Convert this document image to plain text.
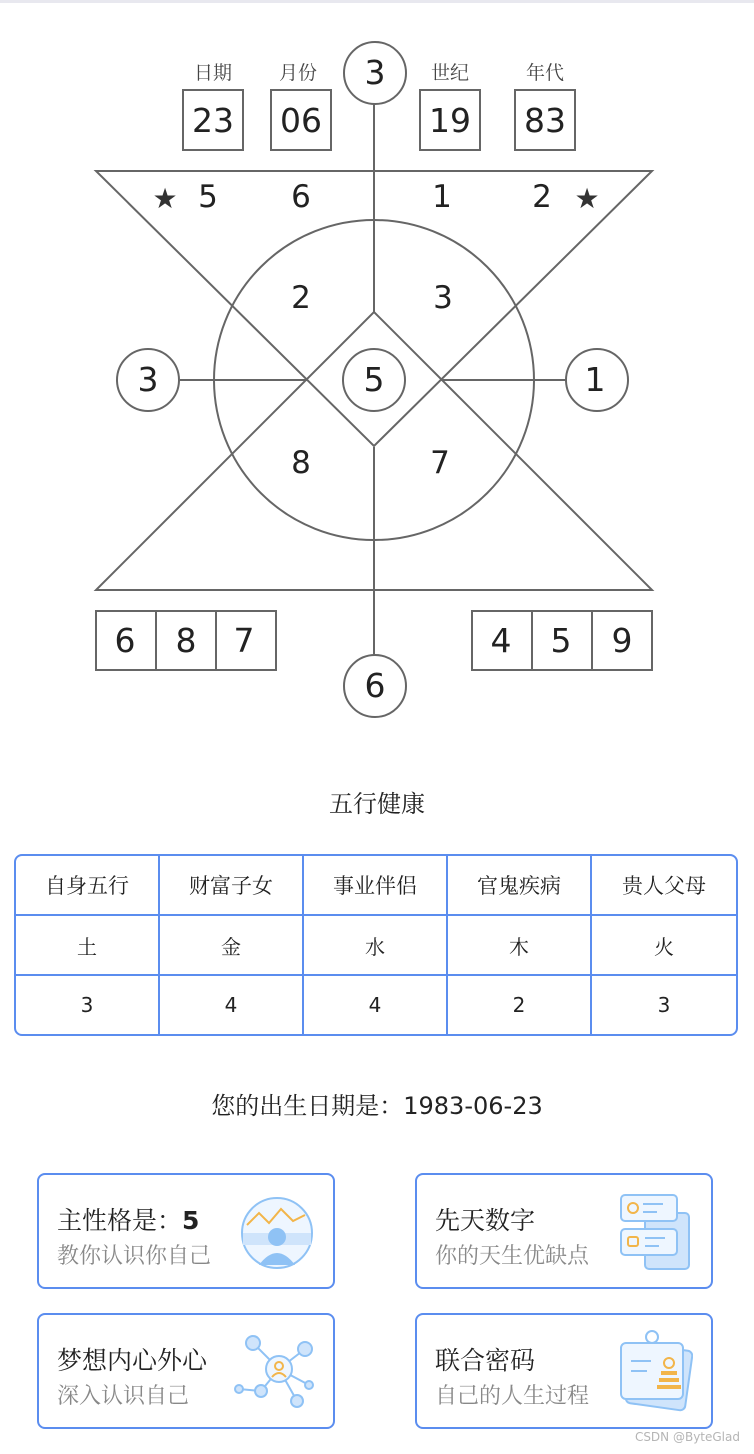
日期 月份	世纪	年代
23 06	19 83
3
3	5	1
6
★	★
5 6	1	2
2	3
8	7
6 8 7	4 5 9
五行健康
自身五行	财富子女	事业伴侣	官鬼疾病	贵人父母
土	金	水	木	火
3	4	4	2	3
您的出生日期是：1983-06-23
主性格是：5
教你认识你自己
先天数字
你的天生优缺点
梦想内心外心
深入认识自己
联合密码
自己的人生过程
CSDN @ByteGlad
